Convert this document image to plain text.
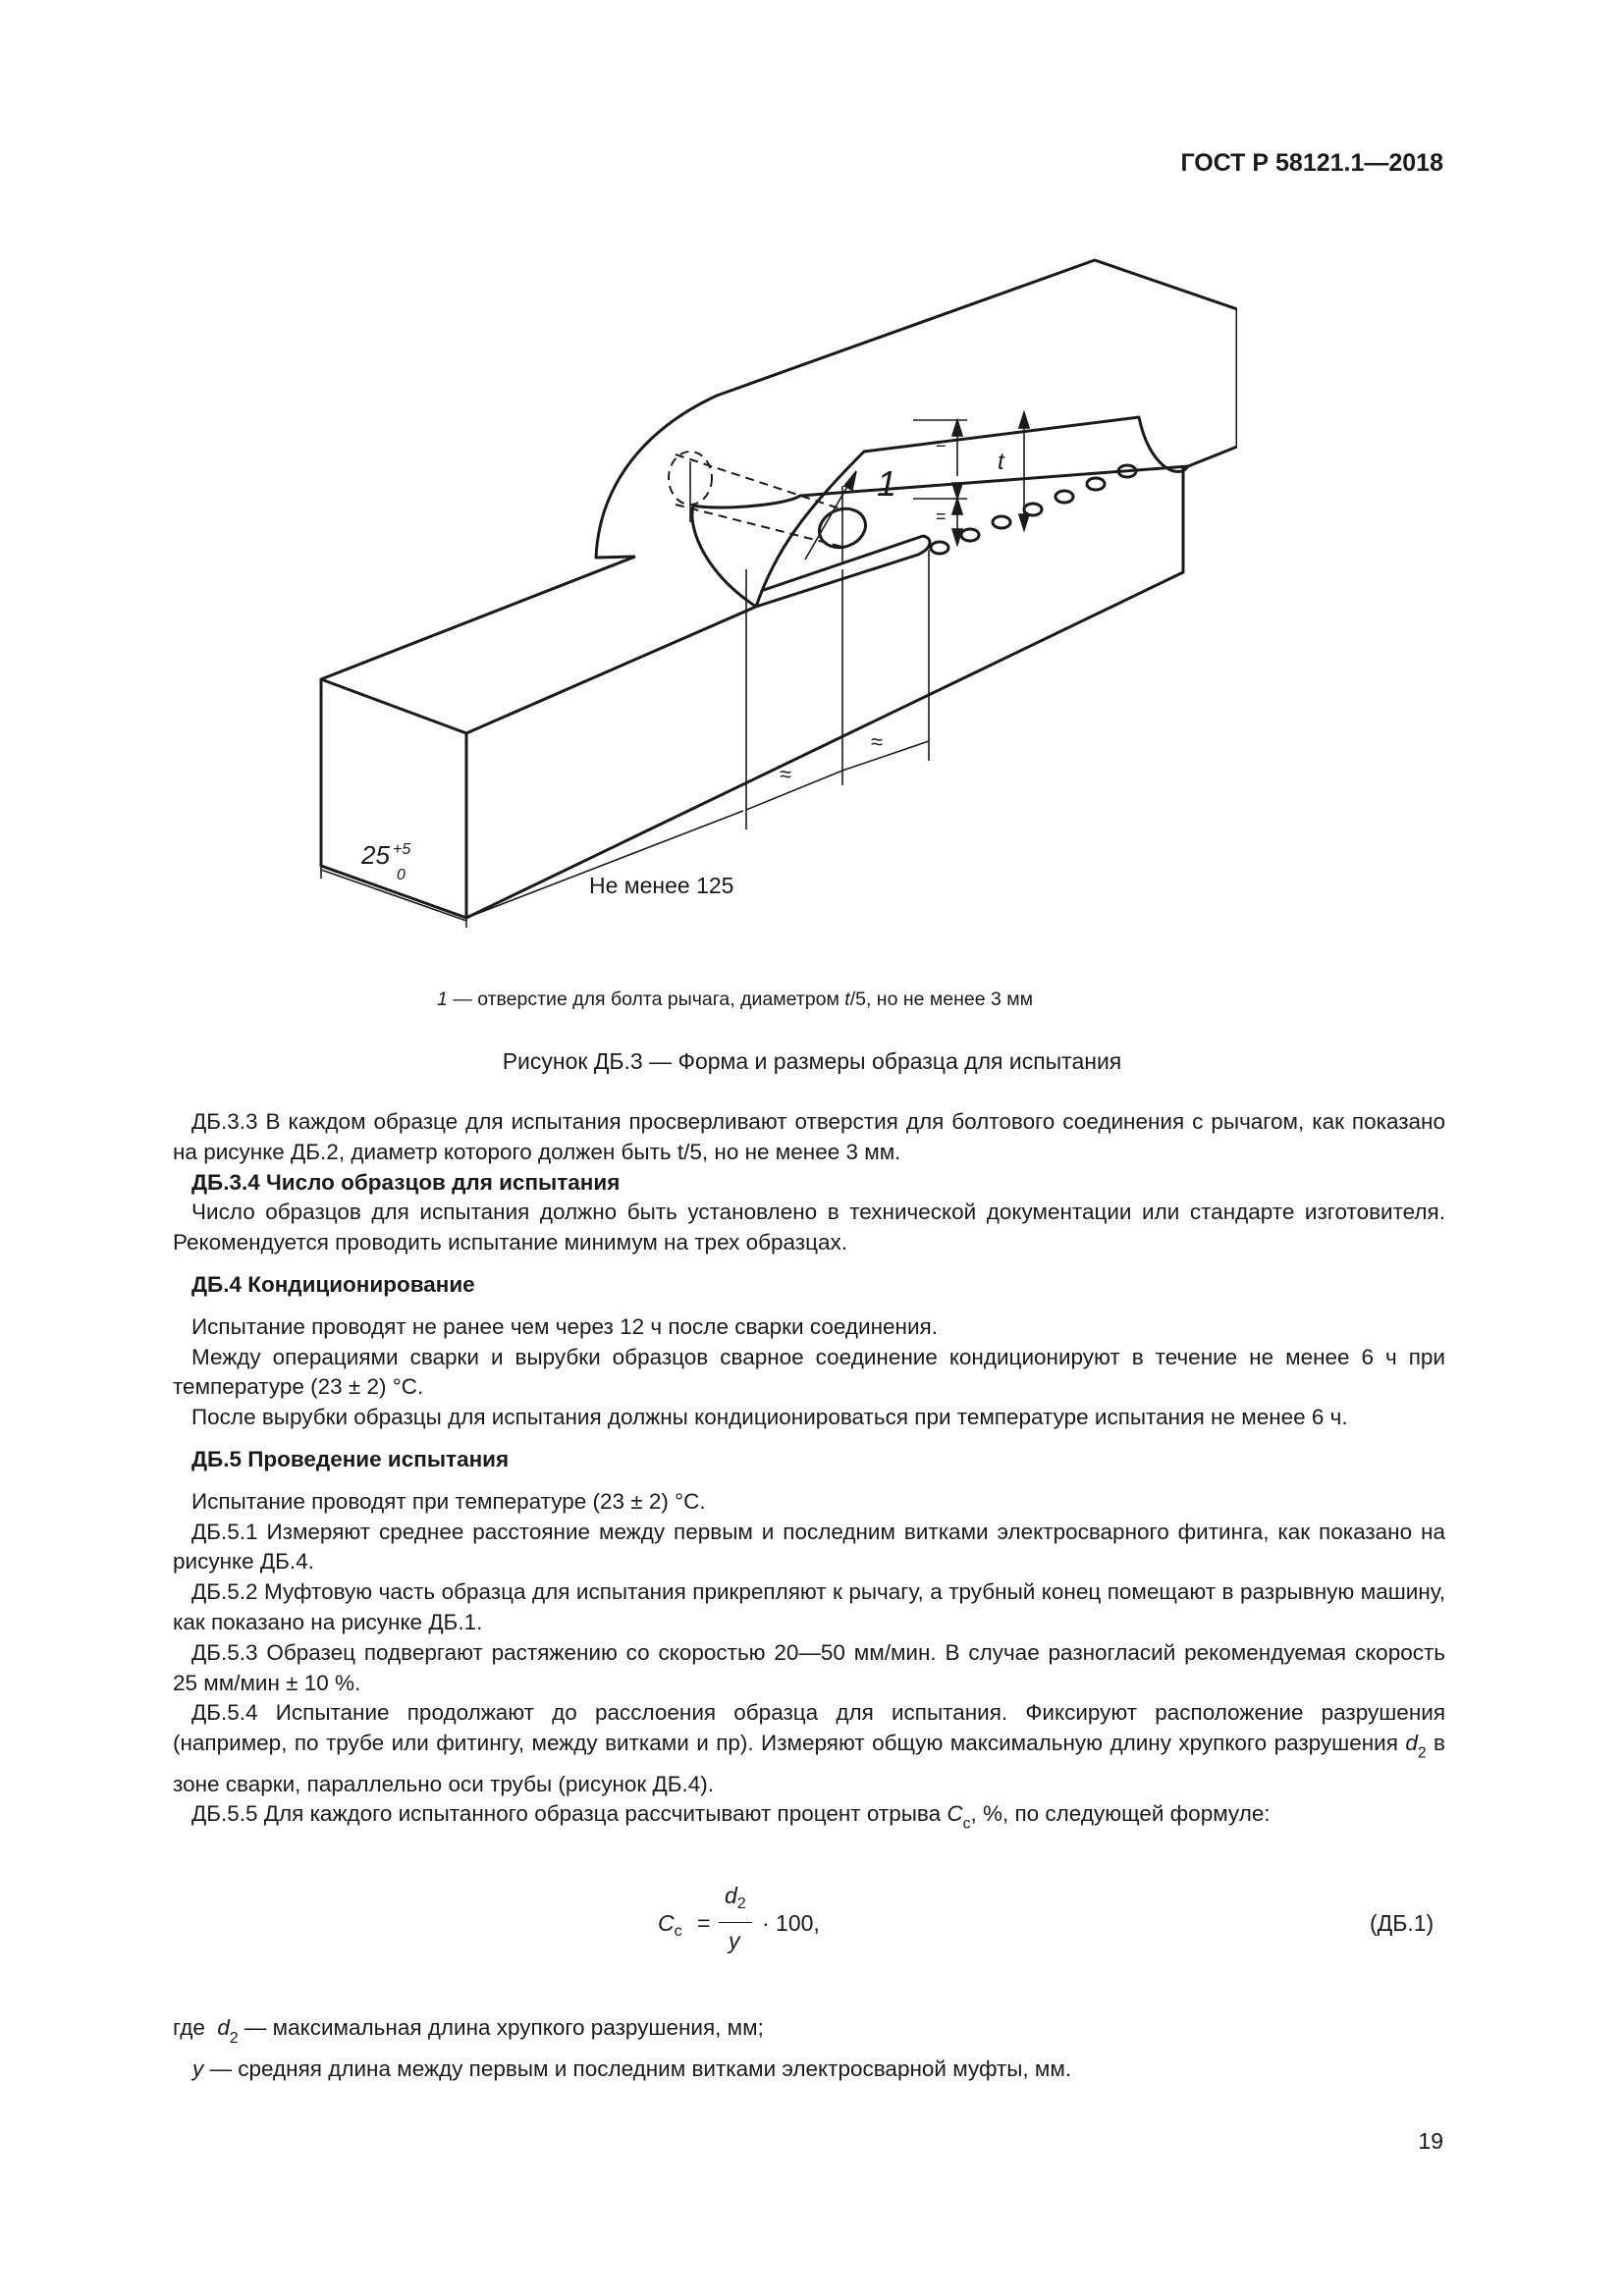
ГОСТ Р 58121.1—2018
1
=
=
t
≈
≈
25 +5
0	Не менее 125
1 — отверстие для болта рычага, диаметром t/5, но не менее 3 мм
Рисунок ДБ.3 — Форма и размеры образца для испытания

ДБ.3.3 В каждом образце для испытания просверливают отверстия для болтового соединения с рычагом, как показано на рисунке ДБ.2, диаметр которого должен быть t/5, но не менее 3 мм.

ДБ.3.4 Число образцов для испытания

Число образцов для испытания должно быть установлено в технической документации или стандарте изготовителя. Рекомендуется проводить испытание минимум на трех образцах.

ДБ.4 Кондиционирование

Испытание проводят не ранее чем через 12 ч после сварки соединения.

Между операциями сварки и вырубки образцов сварное соединение кондиционируют в течение не менее 6 ч при температуре (23 ± 2) °C.

После вырубки образцы для испытания должны кондиционироваться при температуре испытания не менее 6 ч.

ДБ.5 Проведение испытания

Испытание проводят при температуре (23 ± 2) °C.

ДБ.5.1 Измеряют среднее расстояние между первым и последним витками электросварного фитинга, как показано на рисунке ДБ.4.

ДБ.5.2 Муфтовую часть образца для испытания прикрепляют к рычагу, а трубный конец помещают в разрывную машину, как показано на рисунке ДБ.1.

ДБ.5.3 Образец подвергают растяжению со скоростью 20—50 мм/мин. В случае разногласий рекомендуемая скорость 25 мм/мин ± 10 %.

ДБ.5.4 Испытание продолжают до расслоения образца для испытания. Фиксируют расположение разрушения (например, по трубе или фитингу, между витками и пр). Измеряют общую максимальную длину хрупкого разрушения $d_2$ в зоне сварки, параллельно оси трубы (рисунок ДБ.4).

ДБ.5.5 Для каждого испытанного образца рассчитывают процент отрыва $C_c$, %, по следующей формуле:

$C_c$ =
$d_2$
y
· 100,	(ДБ.1)
где $d_2$ — максимальная длина хрупкого разрушения, мм;
y — средняя длина между первым и последним витками электросварной муфты, мм.
19
